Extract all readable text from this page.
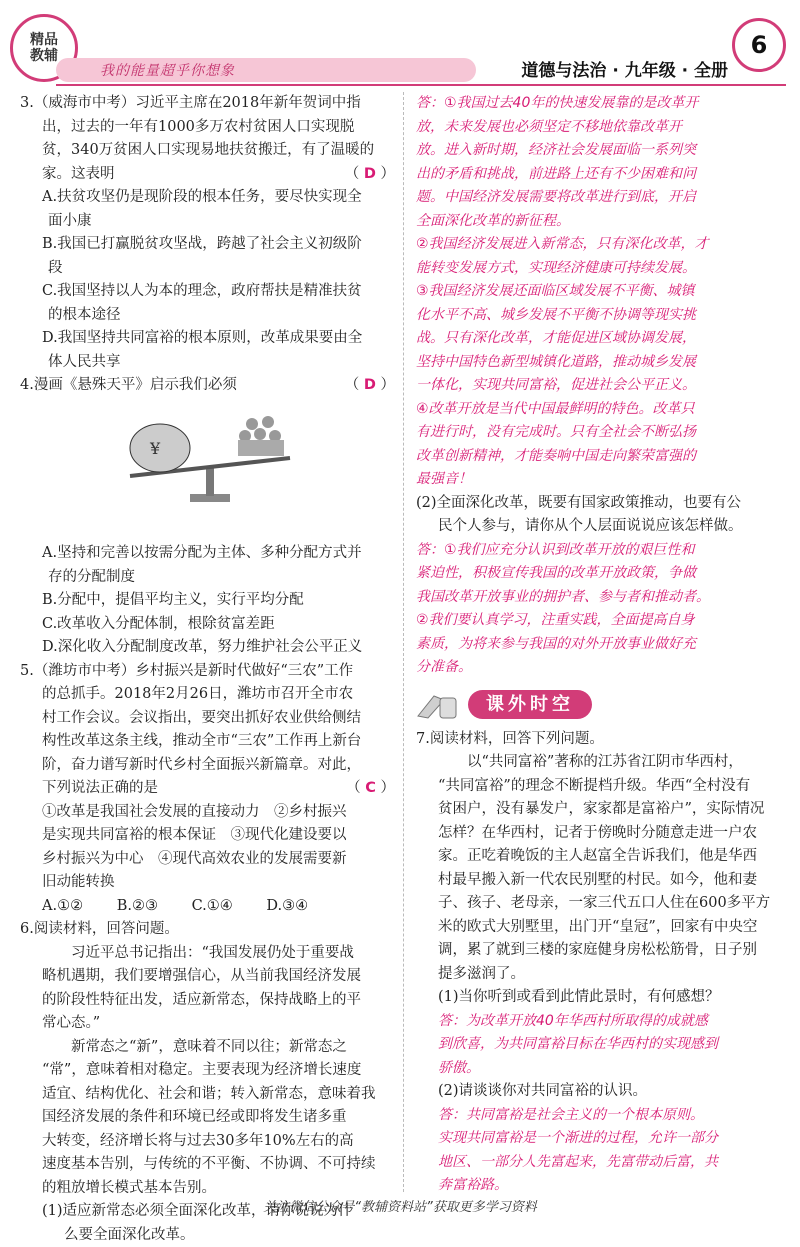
精品
教辅
我的能量超乎你想象	道德与法治 · 九年级 · 全册
6

3.（威海市中考）习近平主席在2018年新年贺词中指

出，过去的一年有1000多万农村贫困人口实现脱

贫，340万贫困人口实现易地扶贫搬迁，有了温暖的

家。这表明	（ D ）

A.扶贫攻坚仍是现阶段的根本任务，要尽快实现全

面小康

B.我国已打赢脱贫攻坚战，跨越了社会主义初级阶

段

C.我国坚持以人为本的理念，政府帮扶是精准扶贫

的根本途径

D.我国坚持共同富裕的根本原则，改革成果要由全

体人民共享

4.漫画《悬殊天平》启示我们必须	（ D ）

¥

A.坚持和完善以按需分配为主体、多种分配方式并

存的分配制度

B.分配中，提倡平均主义，实行平均分配

C.改革收入分配体制，根除贫富差距

D.深化收入分配制度改革，努力维护社会公平正义

5.（潍坊市中考）乡村振兴是新时代做好“三农”工作

的总抓手。2018年2月26日，潍坊市召开全市农

村工作会议。会议指出，要突出抓好农业供给侧结

构性改革这条主线，推动全市“三农”工作再上新台

阶，奋力谱写新时代乡村全面振兴新篇章。对此，

下列说法正确的是	（ C ）

①改革是我国社会发展的直接动力　②乡村振兴

是实现共同富裕的根本保证　③现代化建设要以

乡村振兴为中心　④现代高效农业的发展需要新

旧动能转换

A.①②   B.②③   C.①④   D.③④

6.阅读材料，回答问题。

习近平总书记指出：“我国发展仍处于重要战

略机遇期，我们要增强信心，从当前我国经济发展

的阶段性特征出发，适应新常态，保持战略上的平

常心态。”

新常态之“新”，意味着不同以往；新常态之

“常”，意味着相对稳定。主要表现为经济增长速度

适宜、结构优化、社会和谐；转入新常态，意味着我

国经济发展的条件和环境已经或即将发生诸多重

大转变，经济增长将与过去30多年10%左右的高

速度基本告别，与传统的不平衡、不协调、不可持续

的粗放增长模式基本告别。

(1)适应新常态必须全面深化改革，请你说说为什

么要全面深化改革。

答：①我国过去40年的快速发展靠的是改革开

放，未来发展也必须坚定不移地依靠改革开

放。进入新时期，经济社会发展面临一系列突

出的矛盾和挑战，前进路上还有不少困难和问

题。中国经济发展需要将改革进行到底，开启

全面深化改革的新征程。

②我国经济发展进入新常态，只有深化改革，才

能转变发展方式，实现经济健康可持续发展。

③我国经济发展还面临区域发展不平衡、城镇

化水平不高、城乡发展不平衡不协调等现实挑

战。只有深化改革，才能促进区域协调发展，

坚持中国特色新型城镇化道路，推动城乡发展

一体化，实现共同富裕，促进社会公平正义。

④改革开放是当代中国最鲜明的特色。改革只

有进行时，没有完成时。只有全社会不断弘扬

改革创新精神，才能奏响中国走向繁荣富强的

最强音！

(2)全面深化改革，既要有国家政策推动，也要有公

民个人参与，请你从个人层面说说应该怎样做。

答：①我们应充分认识到改革开放的艰巨性和

紧迫性，积极宣传我国的改革开放政策，争做

我国改革开放事业的拥护者、参与者和推动者。

②我们要认真学习，注重实践，全面提高自身

素质，为将来参与我国的对外开放事业做好充

分准备。

课外时空

7.阅读材料，回答下列问题。

以“共同富裕”著称的江苏省江阴市华西村，

“共同富裕”的理念不断提档升级。华西“全村没有

贫困户，没有暴发户，家家都是富裕户”，实际情况

怎样？在华西村，记者于傍晚时分随意走进一户农

家。正吃着晚饭的主人赵富全告诉我们，他是华西

村最早搬入新一代农民别墅的村民。如今，他和妻

子、孩子、老母亲，一家三代五口人住在600多平方

米的欧式大别墅里，出门开“皇冠”，回家有中央空

调，累了就到三楼的家庭健身房松松筋骨，日子别

提多滋润了。

(1)当你听到或看到此情此景时，有何感想？

答：为改革开放40年华西村所取得的成就感

到欣喜，为共同富裕目标在华西村的实现感到

骄傲。

(2)请谈谈你对共同富裕的认识。

答：共同富裕是社会主义的一个根本原则。

实现共同富裕是一个渐进的过程，允许一部分

地区、一部分人先富起来，先富带动后富，共

奔富裕路。

关注微信公众号“教辅资料站”获取更多学习资料
